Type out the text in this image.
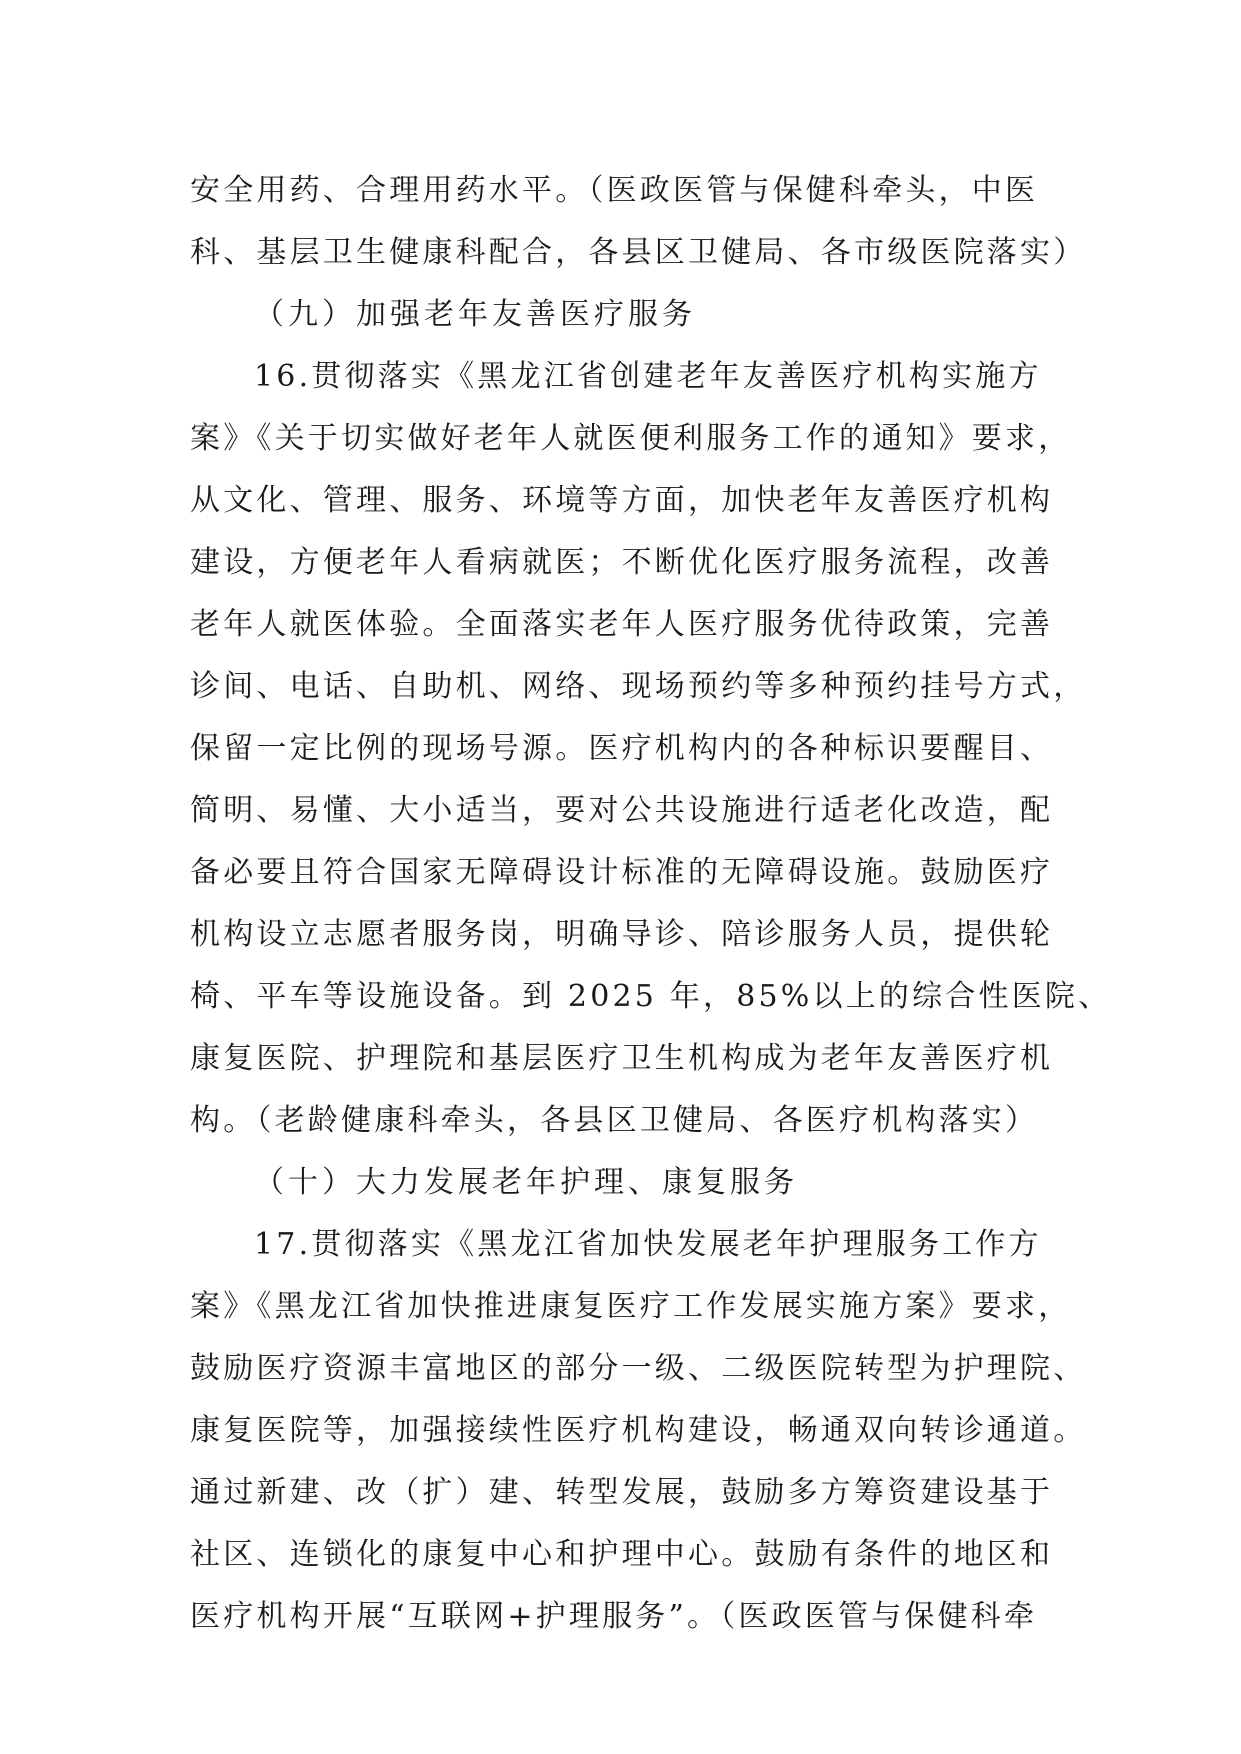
安全用药、合理用药水平。（医政医管与保健科牵头，中医
科、基层卫生健康科配合，各县区卫健局、各市级医院落实）
（九）加强老年友善医疗服务
16.贯彻落实《黑龙江省创建老年友善医疗机构实施方
案》《关于切实做好老年人就医便利服务工作的通知》要求，
从文化、管理、服务、环境等方面，加快老年友善医疗机构
建设，方便老年人看病就医；不断优化医疗服务流程，改善
老年人就医体验。全面落实老年人医疗服务优待政策，完善
诊间、电话、自助机、网络、现场预约等多种预约挂号方式，
保留一定比例的现场号源。医疗机构内的各种标识要醒目、
简明、易懂、大小适当，要对公共设施进行适老化改造，配
备必要且符合国家无障碍设计标准的无障碍设施。鼓励医疗
机构设立志愿者服务岗，明确导诊、陪诊服务人员，提供轮
椅、平车等设施设备。到 2025 年，85%以上的综合性医院、
康复医院、护理院和基层医疗卫生机构成为老年友善医疗机
构。（老龄健康科牵头，各县区卫健局、各医疗机构落实）
（十）大力发展老年护理、康复服务
17.贯彻落实《黑龙江省加快发展老年护理服务工作方
案》《黑龙江省加快推进康复医疗工作发展实施方案》要求，
鼓励医疗资源丰富地区的部分一级、二级医院转型为护理院、
康复医院等，加强接续性医疗机构建设，畅通双向转诊通道。
通过新建、改（扩）建、转型发展，鼓励多方筹资建设基于
社区、连锁化的康复中心和护理中心。鼓励有条件的地区和
医疗机构开展“互联网+护理服务”。（医政医管与保健科牵
